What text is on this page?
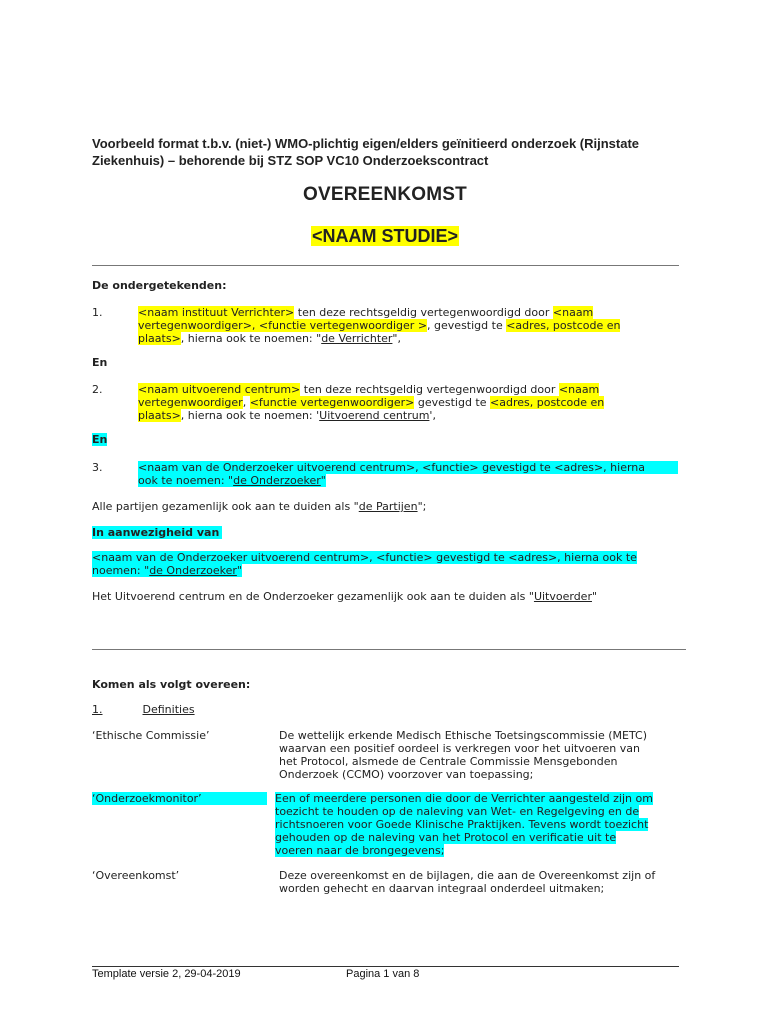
Voorbeeld format t.b.v. (niet-) WMO-plichtig eigen/elders geïnitieerd onderzoek (Rijnstate
Ziekenhuis) – behorende bij STZ SOP VC10 Onderzoekscontract
OVEREENKOMST
<NAAM STUDIE>
De ondergetekenden:
1.	<naam instituut Verrichter> ten deze rechtsgeldig vertegenwoordigd door <naam
vertegenwoordiger>, <functie vertegenwoordiger >, gevestigd te <adres, postcode en
plaats>, hierna ook te noemen: "de Verrichter",
En
2.	<naam uitvoerend centrum> ten deze rechtsgeldig vertegenwoordigd door <naam
vertegenwoordiger, <functie vertegenwoordiger> gevestigd te <adres, postcode en
plaats>, hierna ook te noemen: 'Uitvoerend centrum',
En
3.	<naam van de Onderzoeker uitvoerend centrum>, <functie> gevestigd te <adres>, hierna
ook te noemen: "de Onderzoeker"
Alle partijen gezamenlijk ook aan te duiden als "de Partijen";
In aanwezigheid van
<naam van de Onderzoeker uitvoerend centrum>, <functie> gevestigd te <adres>, hierna ook te
noemen: "de Onderzoeker"
Het Uitvoerend centrum en de Onderzoeker gezamenlijk ook aan te duiden als "Uitvoerder"
Komen als volgt overeen:
1.	Definities
‘Ethische Commissie’	De wettelijk erkende Medisch Ethische Toetsingscommissie (METC)
waarvan een positief oordeel is verkregen voor het uitvoeren van
het Protocol, alsmede de Centrale Commissie Mensgebonden
Onderzoek (CCMO) voorzover van toepassing;
‘Onderzoekmonitor’	Een of meerdere personen die door de Verrichter aangesteld zijn om
toezicht te houden op de naleving van Wet- en Regelgeving en de
richtsnoeren voor Goede Klinische Praktijken. Tevens wordt toezicht
gehouden op de naleving van het Protocol en verificatie uit te
voeren naar de brongegevens;
‘Overeenkomst’	Deze overeenkomst en de bijlagen, die aan de Overeenkomst zijn of
worden gehecht en daarvan integraal onderdeel uitmaken;
Template versie 2, 29-04-2019	Pagina 1 van 8
